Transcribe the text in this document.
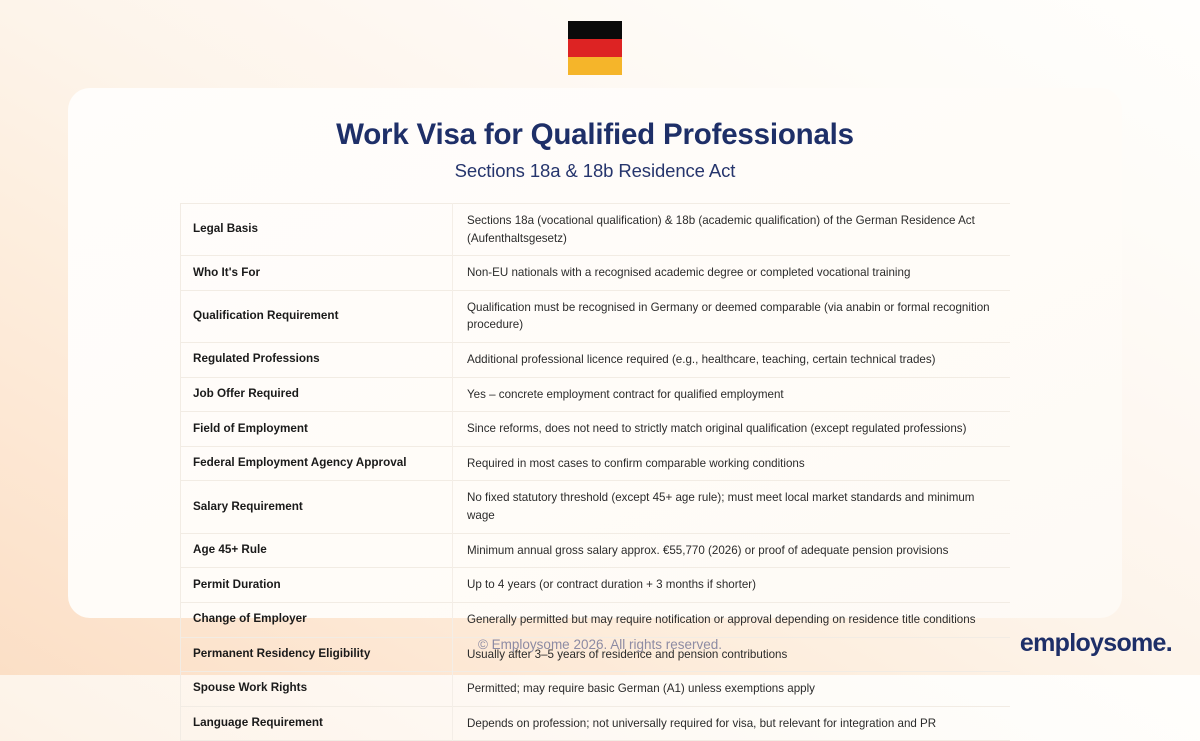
Work Visa for Qualified Professionals
Sections 18a & 18b Residence Act
Legal Basis	Sections 18a (vocational qualification) & 18b (academic qualification) of the German Residence Act (Aufenthaltsgesetz)
Who It's For	Non-EU nationals with a recognised academic degree or completed vocational training
Qualification Requirement	Qualification must be recognised in Germany or deemed comparable (via anabin or formal recognition procedure)
Regulated Professions	Additional professional licence required (e.g., healthcare, teaching, certain technical trades)
Job Offer Required	Yes – concrete employment contract for qualified employment
Field of Employment	Since reforms, does not need to strictly match original qualification (except regulated professions)
Federal Employment Agency Approval	Required in most cases to confirm comparable working conditions
Salary Requirement	No fixed statutory threshold (except 45+ age rule); must meet local market standards and minimum wage
Age 45+ Rule	Minimum annual gross salary approx. €55,770 (2026) or proof of adequate pension provisions
Permit Duration	Up to 4 years (or contract duration + 3 months if shorter)
Change of Employer	Generally permitted but may require notification or approval depending on residence title conditions
Permanent Residency Eligibility	Usually after 3–5 years of residence and pension contributions
Spouse Work Rights	Permitted; may require basic German (A1) unless exemptions apply
Language Requirement	Depends on profession; not universally required for visa, but relevant for integration and PR
© Employsome 2026. All rights reserved.	employsome.
